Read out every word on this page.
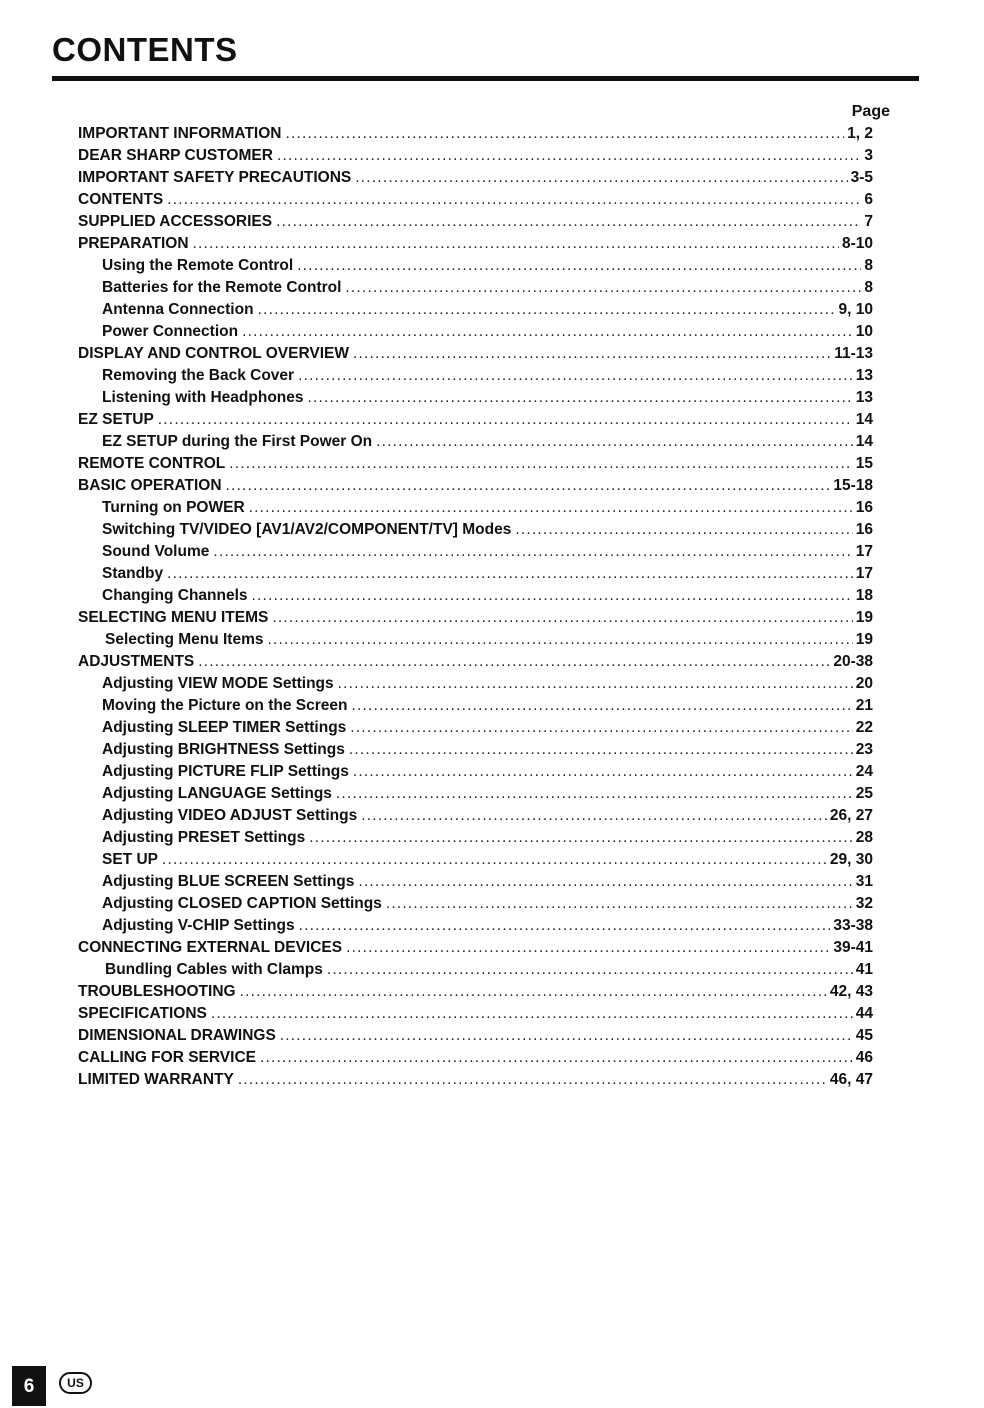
CONTENTS
Page
IMPORTANT INFORMATION .....	1, 2
DEAR SHARP CUSTOMER .....	3
IMPORTANT SAFETY PRECAUTIONS .....	3-5
CONTENTS .....	6
SUPPLIED ACCESSORIES .....	7
PREPARATION .....	8-10
Using the Remote Control .....	8
Batteries for the Remote Control .....	8
Antenna Connection .....	9, 10
Power Connection .....	10
DISPLAY AND CONTROL OVERVIEW .....	11-13
Removing the Back Cover .....	13
Listening with Headphones .....	13
EZ SETUP .....	14
EZ SETUP during the First Power On .....	14
REMOTE CONTROL .....	15
BASIC OPERATION .....	15-18
Turning on POWER .....	16
Switching TV/VIDEO [AV1/AV2/COMPONENT/TV] Modes .....	16
Sound Volume .....	17
Standby .....	17
Changing Channels .....	18
SELECTING MENU ITEMS .....	19
Selecting Menu Items .....	19
ADJUSTMENTS .....	20-38
Adjusting VIEW MODE Settings .....	20
Moving the Picture on the Screen .....	21
Adjusting SLEEP TIMER Settings .....	22
Adjusting BRIGHTNESS Settings .....	23
Adjusting PICTURE FLIP Settings .....	24
Adjusting LANGUAGE Settings .....	25
Adjusting VIDEO ADJUST Settings .....	26, 27
Adjusting PRESET Settings .....	28
SET UP .....	29, 30
Adjusting BLUE SCREEN Settings .....	31
Adjusting CLOSED CAPTION Settings .....	32
Adjusting V-CHIP Settings .....	33-38
CONNECTING EXTERNAL DEVICES .....	39-41
Bundling Cables with Clamps .....	41
TROUBLESHOOTING .....	42, 43
SPECIFICATIONS .....	44
DIMENSIONAL DRAWINGS .....	45
CALLING FOR SERVICE .....	46
LIMITED WARRANTY .....	46, 47
6	US
